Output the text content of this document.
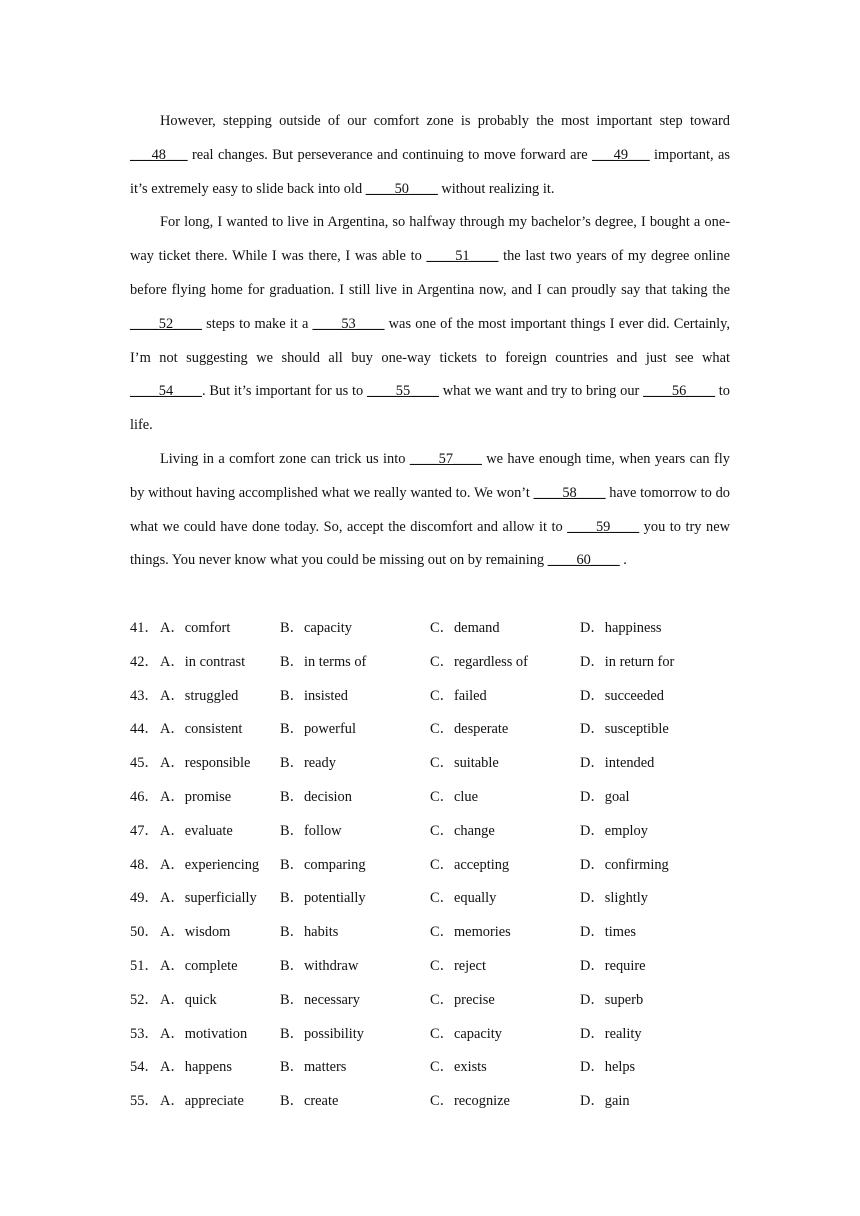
However, stepping outside of our comfort zone is probably the most important step toward ___48___ real changes. But perseverance and continuing to move forward are ___49___ important, as it’s extremely easy to slide back into old ____50____ without realizing it.

For long, I wanted to live in Argentina, so halfway through my bachelor’s degree, I bought a one-way ticket there. While I was there, I was able to ____51____ the last two years of my degree online before flying home for graduation. I still live in Argentina now, and I can proudly say that taking the ____52____ steps to make it a ____53____ was one of the most important things I ever did. Certainly, I’m not suggesting we should all buy one-way tickets to foreign countries and just see what ____54____. But it’s important for us to ____55____ what we want and try to bring our ____56____ to life.

Living in a comfort zone can trick us into ____57____ we have enough time, when years can fly by without having accomplished what we really wanted to. We won’t ____58____ have tomorrow to do what we could have done today. So, accept the discomfort and allow it to ____59____ you to try new things. You never know what you could be missing out on by remaining ____60____ .

41． A．comfort	B．capacity	C．demand	D．happiness
42． A．in contrast B．in terms of	C．regardless of	D．in return for
43． A．struggled	B．insisted	C．failed	D．succeeded
44． A．consistent	B．powerful	C．desperate	D．susceptible
45． A．responsible B．ready	C．suitable	D．intended
46． A．promise	B．decision	C．clue	D．goal
47． A．evaluate	B．follow	C．change	D．employ
48． A．experiencing B．comparing	C．accepting	D．confirming
49． A．superficially B．potentially	C．equally	D．slightly
50． A．wisdom	B．habits	C．memories	D．times
51． A．complete	B．withdraw	C．reject	D．require
52． A．quick	B．necessary	C．precise	D．superb
53． A．motivation B．possibility	C．capacity	D．reality
54． A．happens	B．matters	C．exists	D．helps
55． A．appreciate	B．create	C．recognize	D．gain
